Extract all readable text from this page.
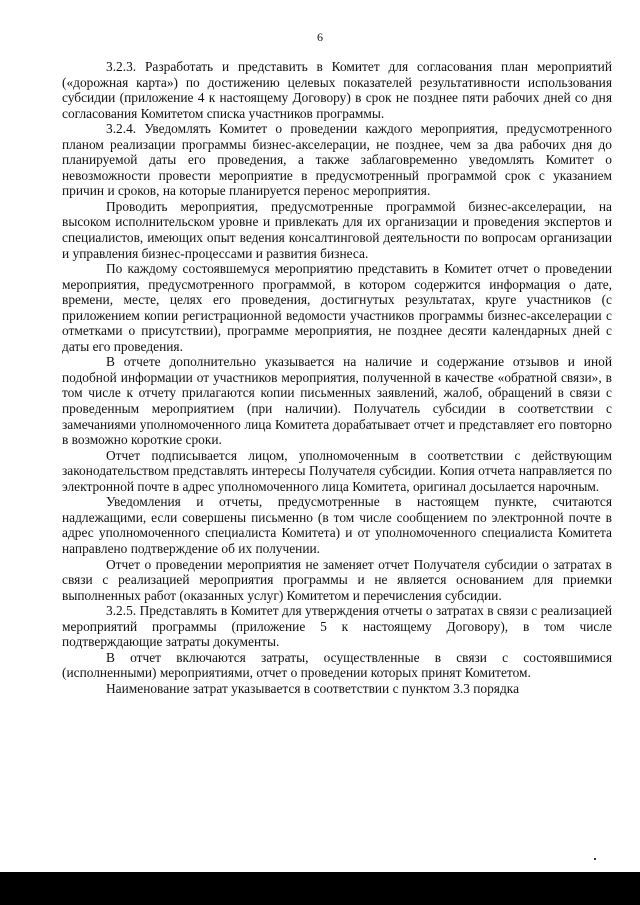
6

3.2.3. Разработать и представить в Комитет для согласования план мероприятий («дорожная карта») по достижению целевых показателей результативности использования субсидии (приложение 4 к настоящему Договору) в срок не позднее пяти рабочих дней со дня согласования Комитетом списка участников программы.

3.2.4. Уведомлять Комитет о проведении каждого мероприятия, предусмотренного планом реализации программы бизнес-акселерации, не позднее, чем за два рабочих дня до планируемой даты его проведения, а также заблаговременно уведомлять Комитет о невозможности провести мероприятие в предусмотренный программой срок с указанием причин и сроков, на которые планируется перенос мероприятия.

Проводить мероприятия, предусмотренные программой бизнес-акселерации, на высоком исполнительском уровне и привлекать для их организации и проведения экспертов и специалистов, имеющих опыт ведения консалтинговой деятельности по вопросам организации и управления бизнес-процессами и развития бизнеса.

По каждому состоявшемуся мероприятию представить в Комитет отчет о проведении мероприятия, предусмотренного программой, в котором содержится информация о дате, времени, месте, целях его проведения, достигнутых результатах, круге участников (с приложением копии регистрационной ведомости участников программы бизнес-акселерации с отметками о присутствии), программе мероприятия, не позднее десяти календарных дней с даты его проведения.

В отчете дополнительно указывается на наличие и содержание отзывов и иной подобной информации от участников мероприятия, полученной в качестве «обратной связи», в том числе к отчету прилагаются копии письменных заявлений, жалоб, обращений в связи с проведенным мероприятием (при наличии). Получатель субсидии в соответствии с замечаниями уполномоченного лица Комитета дорабатывает отчет и представляет его повторно в возможно короткие сроки.

Отчет подписывается лицом, уполномоченным в соответствии с действующим законодательством представлять интересы Получателя субсидии. Копия отчета направляется по электронной почте в адрес уполномоченного лица Комитета, оригинал досылается нарочным.

Уведомления и отчеты, предусмотренные в настоящем пункте, считаются надлежащими, если совершены письменно (в том числе сообщением по электронной почте в адрес уполномоченного специалиста Комитета) и от уполномоченного специалиста Комитета направлено подтверждение об их получении.

Отчет о проведении мероприятия не заменяет отчет Получателя субсидии о затратах в связи с реализацией мероприятия программы и не является основанием для приемки выполненных работ (оказанных услуг) Комитетом и перечисления субсидии.

3.2.5. Представлять в Комитет для утверждения отчеты о затратах в связи с реализацией мероприятий программы (приложение 5 к настоящему Договору), в том числе подтверждающие затраты документы.

В отчет включаются затраты, осуществленные в связи с состоявшимися (исполненными) мероприятиями, отчет о проведении которых принят Комитетом.

Наименование затрат указывается в соответствии с пунктом 3.3 порядка
